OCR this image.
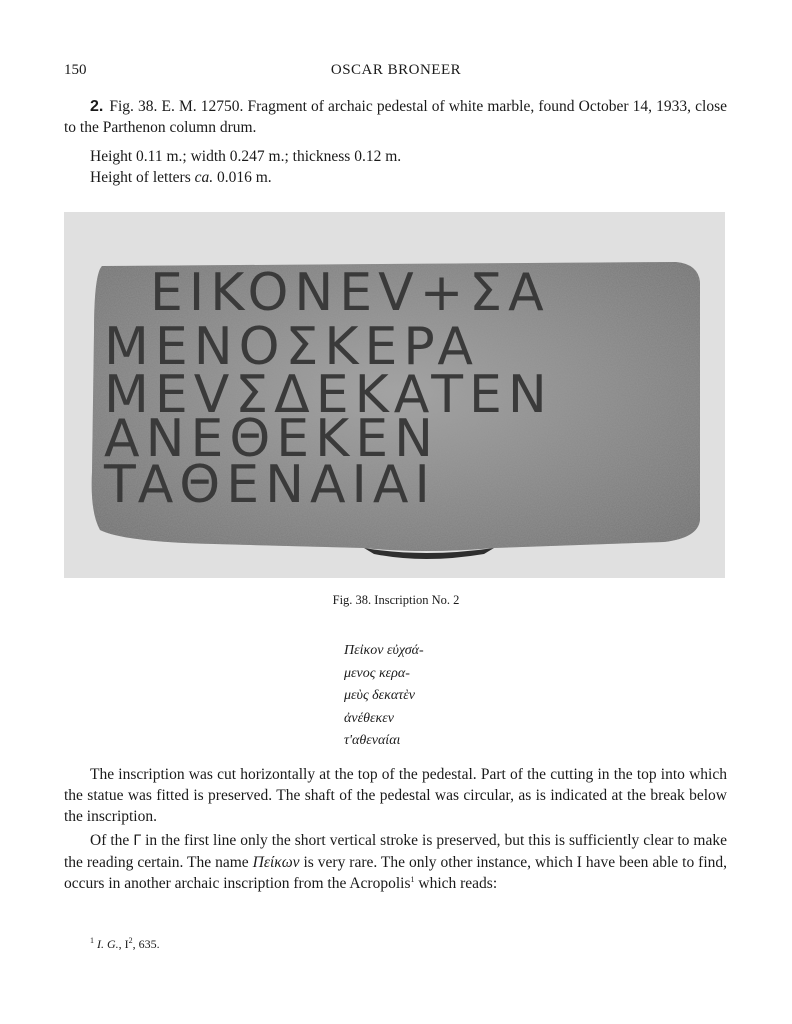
150	OSCAR BRONEER
2. Fig. 38. E. M. 12750. Fragment of archaic pedestal of white marble, found October 14, 1933, close to the Parthenon column drum.
Height 0.11 m.; width 0.247 m.; thickness 0.12 m.
Height of letters ca. 0.016 m.
EIKONEV+ΣA
MENOΣKEPA
MEVΣΔEKATEN
ANEΘEKEN
TAΘENAIAI
Fig. 38. Inscription No. 2
Πεἰκον εὐχσά-
μενος κερα-
μεὺς δεκατὲν
ἀνέθεκεν
τ'αθεναίαι

The inscription was cut horizontally at the top of the pedestal. Part of the cutting in the top into which the statue was fitted is preserved. The shaft of the pedestal was circular, as is indicated at the break below the inscription.

Of the Γ in the first line only the short vertical stroke is preserved, but this is sufficiently clear to make the reading certain. The name Πείκων is very rare. The only other instance, which I have been able to find, occurs in another archaic inscription from the Acropolis$^1$ which reads:

$^1$ I. G., $I^2$, 635.
